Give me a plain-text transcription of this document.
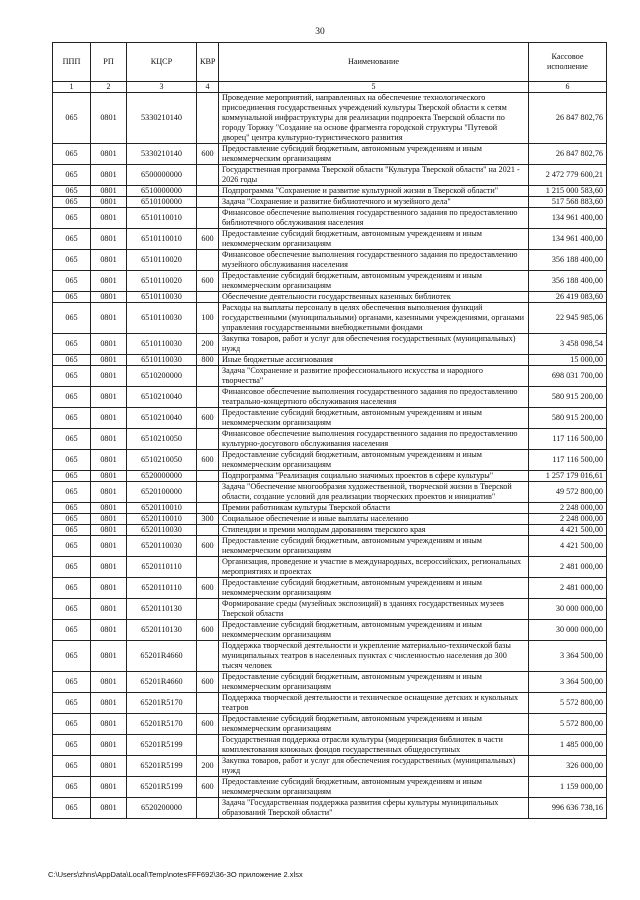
30
ППП	РП	КЦСР	КВР	Наименование	Кассовое исполнение
1	2	3	4	5	6
065	0801	5330210140		Проведение мероприятий, направленных на обеспечение технологического присоединения государственных учреждений культуры Тверской области к сетям коммунальной инфраструктуры для реализации подпроекта Тверской области по городу Торжку "Создание на основе фрагмента городской структуры "Путевой дворец" центра культурно-туристического развития	26 847 802,76
065	0801	5330210140	600	Предоставление субсидий бюджетным, автономным учреждениям и иным некоммерческим организациям	26 847 802,76
065	0801	6500000000		Государственная программа Тверской области "Культура Тверской области" на 2021 - 2026 годы	2 472 779 600,21
065	0801	6510000000		Подпрограмма "Сохранение и развитие культурной жизни в Тверской области"	1 215 000 583,60
065	0801	6510100000		Задача "Сохранение и развитие библиотечного и музейного дела"	517 568 883,60
065	0801	6510110010		Финансовое обеспечение выполнения государственного задания по предоставлению библиотечного обслуживания населения	134 961 400,00
065	0801	6510110010	600	Предоставление субсидий бюджетным, автономным учреждениям и иным некоммерческим организациям	134 961 400,00
065	0801	6510110020		Финансовое обеспечение выполнения государственного задания по предоставлению музейного обслуживания населения	356 188 400,00
065	0801	6510110020	600	Предоставление субсидий бюджетным, автономным учреждениям и иным некоммерческим организациям	356 188 400,00
065	0801	6510110030		Обеспечение деятельности государственных казенных библиотек	26 419 083,60
065	0801	6510110030	100	Расходы на выплаты персоналу в целях обеспечения выполнения функций государственными (муниципальными) органами, казенными учреждениями, органами управления государственными внебюджетными фондами	22 945 985,06
065	0801	6510110030	200	Закупка товаров, работ и услуг для обеспечения государственных (муниципальных) нужд	3 458 098,54
065	0801	6510110030	800	Иные бюджетные ассигнования	15 000,00
065	0801	6510200000		Задача "Сохранение и развитие профессионального искусства и народного творчества"	698 031 700,00
065	0801	6510210040		Финансовое обеспечение выполнения государственного задания по предоставлению театрально-концертного обслуживания населения	580 915 200,00
065	0801	6510210040	600	Предоставление субсидий бюджетным, автономным учреждениям и иным некоммерческим организациям	580 915 200,00
065	0801	6510210050		Финансовое обеспечение выполнения государственного задания по предоставлению культурно-досугового обслуживания населения	117 116 500,00
065	0801	6510210050	600	Предоставление субсидий бюджетным, автономным учреждениям и иным некоммерческим организациям	117 116 500,00
065	0801	6520000000		Подпрограмма "Реализация социально значимых проектов в сфере культуры"	1 257 179 016,61
065	0801	6520100000		Задача "Обеспечение многообразия художественной, творческой жизни в Тверской области, создание условий для реализации творческих проектов и инициатив"	49 572 800,00
065	0801	6520110010		Премии работникам культуры Тверской области	2 248 000,00
065	0801	6520110010	300	Социальное обеспечение и иные выплаты населению	2 248 000,00
065	0801	6520110030		Стипендии и премии молодым дарованиям тверского края	4 421 500,00
065	0801	6520110030	600	Предоставление субсидий бюджетным, автономным учреждениям и иным некоммерческим организациям	4 421 500,00
065	0801	6520110110		Организация, проведение и участие в международных, всероссийских, региональных мероприятиях и проектах	2 481 000,00
065	0801	6520110110	600	Предоставление субсидий бюджетным, автономным учреждениям и иным некоммерческим организациям	2 481 000,00
065	0801	6520110130		Формирование среды (музейных экспозиций) в зданиях государственных музеев Тверской области	30 000 000,00
065	0801	6520110130	600	Предоставление субсидий бюджетным, автономным учреждениям и иным некоммерческим организациям	30 000 000,00
065	0801	65201R4660		Поддержка творческой деятельности и укрепление материально-технической базы муниципальных театров в населенных пунктах с численностью населения до 300 тысяч человек	3 364 500,00
065	0801	65201R4660	600	Предоставление субсидий бюджетным, автономным учреждениям и иным некоммерческим организациям	3 364 500,00
065	0801	65201R5170		Поддержка творческой деятельности и техническое оснащение детских и кукольных театров	5 572 800,00
065	0801	65201R5170	600	Предоставление субсидий бюджетным, автономным учреждениям и иным некоммерческим организациям	5 572 800,00
065	0801	65201R5199		Государственная поддержка отрасли культуры (модернизация библиотек в части комплектования книжных фондов государственных общедоступных	1 485 000,00
065	0801	65201R5199	200	Закупка товаров, работ и услуг для обеспечения государственных (муниципальных) нужд	326 000,00
065	0801	65201R5199	600	Предоставление субсидий бюджетным, автономным учреждениям и иным некоммерческим организациям	1 159 000,00
065	0801	6520200000		Задача "Государственная поддержка развития сферы культуры муниципальных образований Тверской области"	996 636 738,16
C:\Users\zhns\AppData\Local\Temp\notesFFF692\36-ЗО приложение 2.xlsx
